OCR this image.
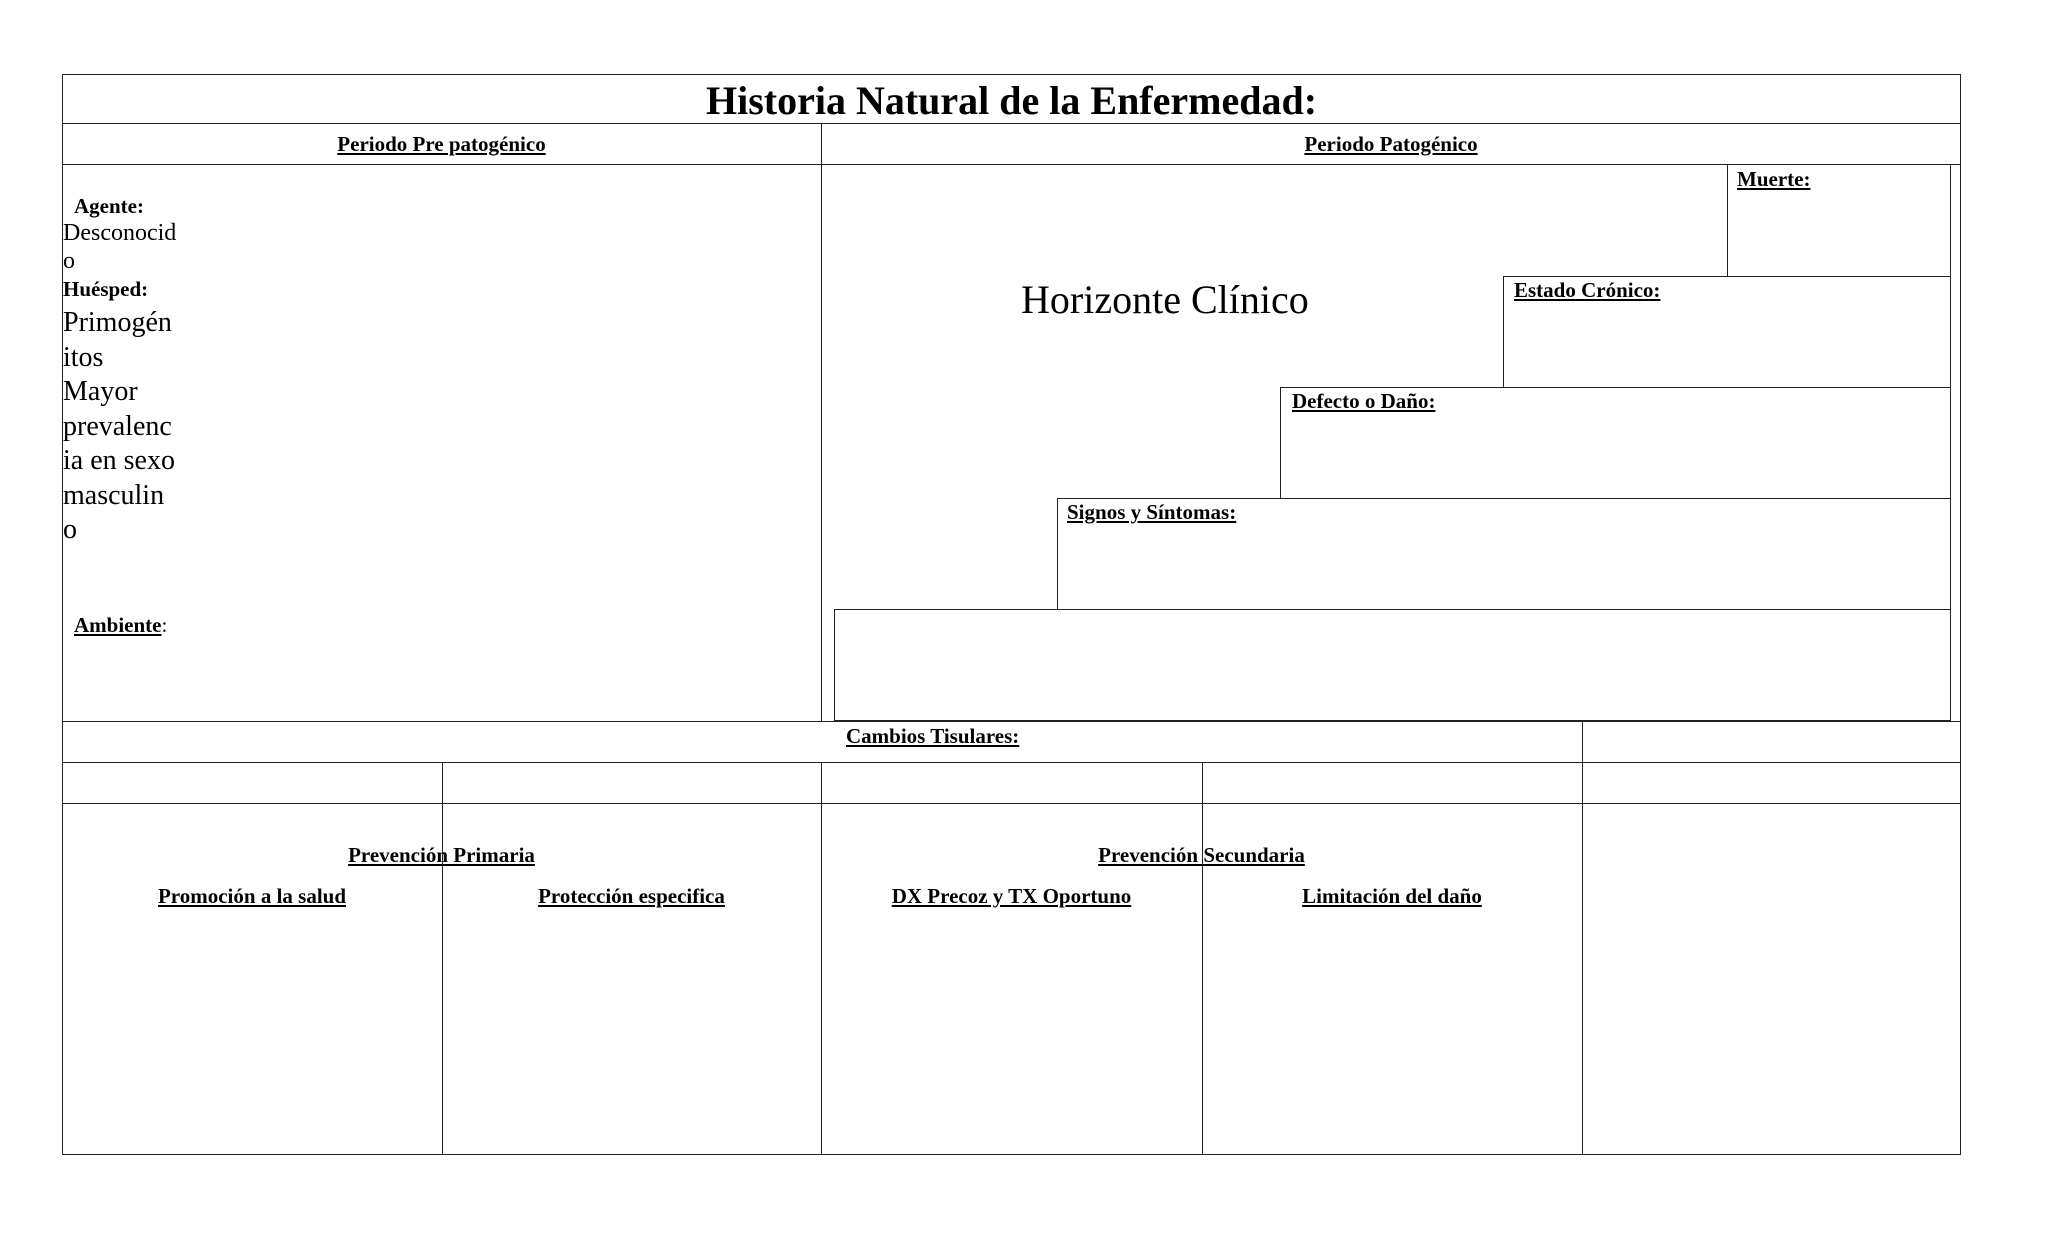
Historia Natural de la Enfermedad:
Periodo Pre patogénico	Periodo Patogénico
Agente:
Desconocid
o
Huésped:
Primogén
itos
Mayor
prevalenc
ia en sexo
masculin
o
Ambiente:
Horizonte Clínico
Muerte:
Estado Crónico:
Defecto o Daño:
Signos y Síntomas:
Cambios Tisulares:
Prevención Primaria	Prevención Secundaria
Promoción a la salud	Protección especifica	DX Precoz y TX Oportuno	Limitación del daño
